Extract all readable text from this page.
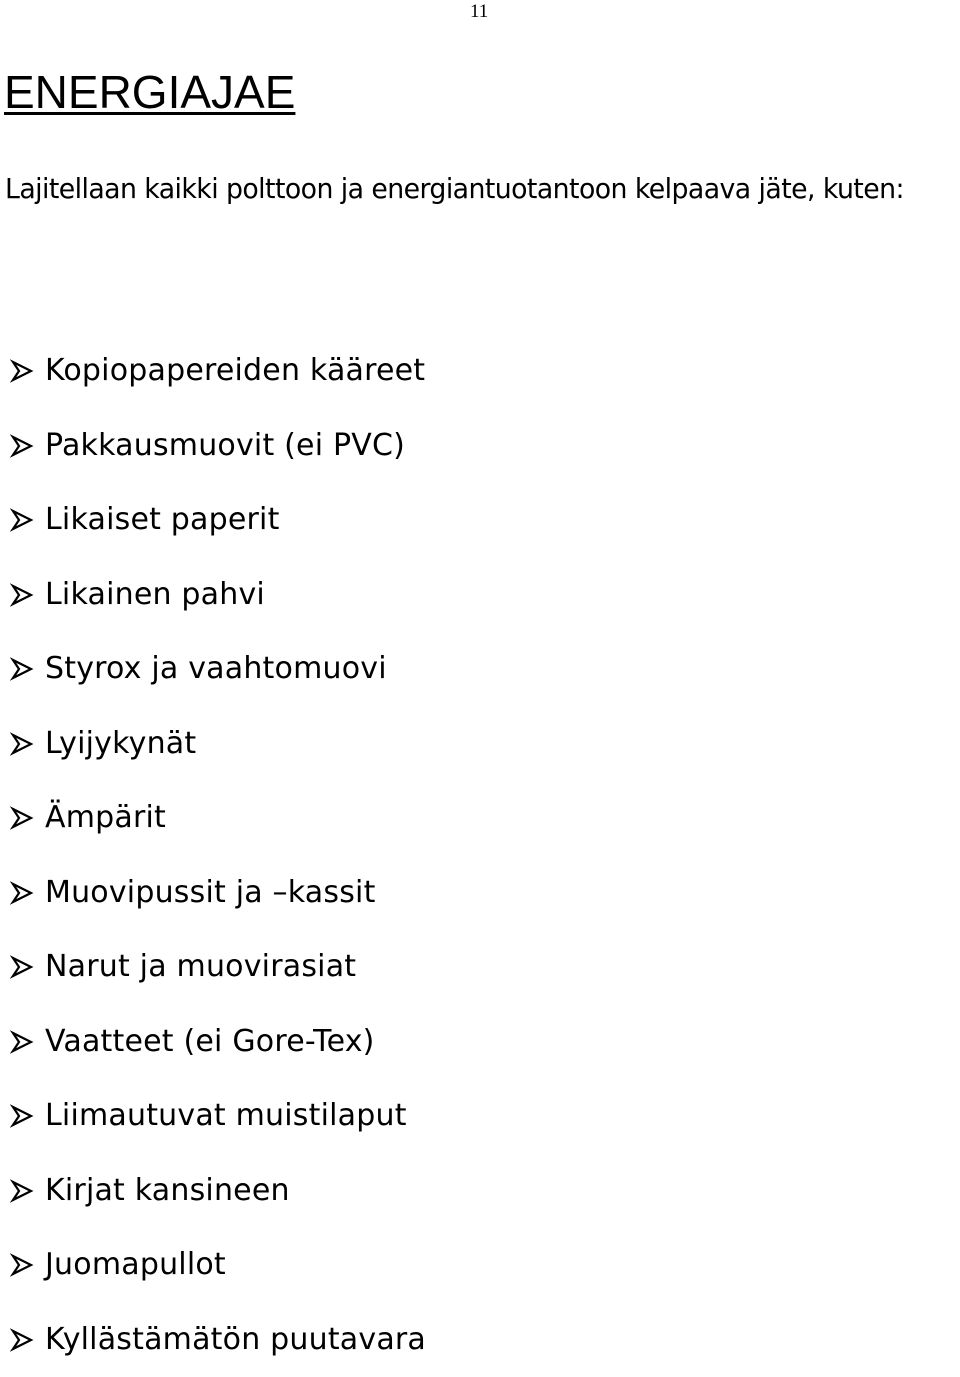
11
ENERGIAJAE

Lajitellaan kaikki polttoon ja energiantuotantoon kelpaava jäte, kuten:

Kopiopapereiden kääreet
Pakkausmuovit (ei PVC)
Likaiset paperit
Likainen pahvi
Styrox ja vaahtomuovi
Lyijykynät
Ämpärit
Muovipussit ja –kassit
Narut ja muovirasiat
Vaatteet (ei Gore-Tex)
Liimautuvat muistilaput
Kirjat kansineen
Juomapullot
Kyllästämätön puutavara
